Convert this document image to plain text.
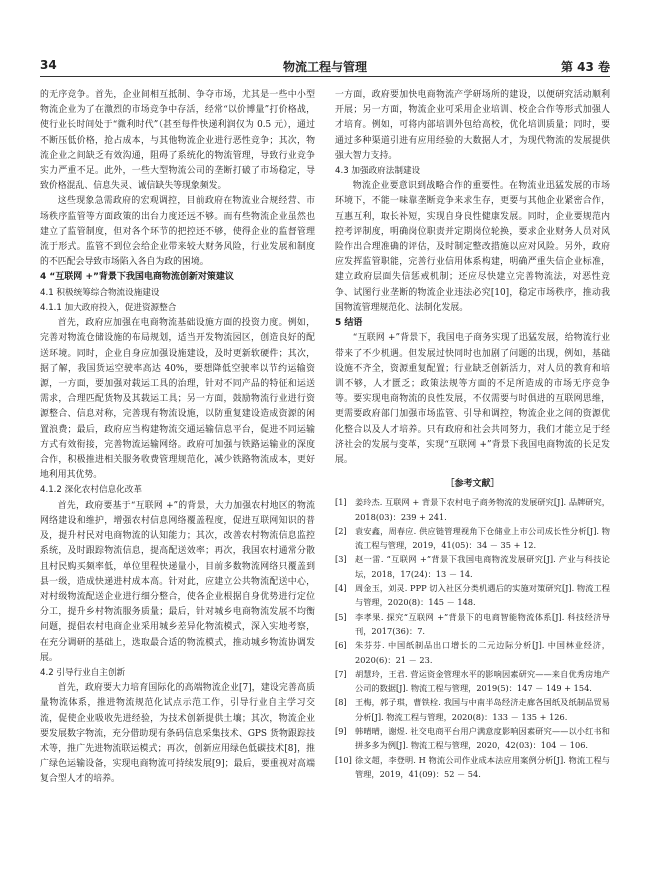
34	物流工程与管理	第 43 卷

的无序竞争。首先，企业间相互抵制、争夺市场，尤其是一些中小型物流企业为了在激烈的市场竞争中存活，经常“以价博量”打价格战，使行业长时间处于“微利时代”（甚至每件快递利润仅为 0.5 元），通过不断压低价格，抢占成本，与其他物流企业进行恶性竞争；其次，物流企业之间缺乏有效沟通，阻碍了系统化的物流管理，导致行业竞争实力严重不足。此外，一些大型物流公司的垄断打破了市场稳定，导致价格混乱、信息失灵、诚信缺失等现象频发。

这些现象急需政府的宏观调控，目前政府在物流业合规经营、市场秩序监管等方面政策的出台力度还远不够。而有些物流企业虽然也建立了监管制度，但对各个环节的把控还不够，使得企业的监督管理流于形式。监管不到位会给企业带来较大财务风险，行业发展和制度的不匹配会导致市场陷入各自为政的困境。

4 “互联网 +”背景下我国电商物流创新对策建议
4.1 积极统筹综合物流设施建设
4.1.1 加大政府投入，促进资源整合

首先，政府应加强在电商物流基础设施方面的投资力度。例如，完善对物流仓储设施的布局规划，适当开发物流园区，创造良好的配送环境。同时，企业自身应加强设施建设，及时更新软硬件；其次，据了解，我国货运空驶率高达 40%，要想降低空驶率以节约运输资源，一方面，要加强对载运工具的治理，针对不同产品的特征和运送需求，合理匹配货物及其载运工具；另一方面，鼓励物流行业进行资源整合、信息对称，完善现有物流设施，以防重复建设造成资源的闲置浪费；最后，政府应当构建物流交通运输信息平台，促进不同运输方式有效衔接，完善物流运输网络。政府可加强与铁路运输业的深度合作，积极推进相关服务收费管理规范化，减少铁路物流成本，更好地利用其优势。

4.1.2 深化农村信息化改革

首先，政府要基于“互联网 +”的背景，大力加强农村地区的物流网络建设和维护，增强农村信息网络覆盖程度，促进互联网知识的普及，提升村民对电商物流的认知能力；其次，改善农村物流信息监控系统，及时跟踪物流信息，提高配送效率；再次，我国农村通常分散且村民购买频率低，单位里程快递量小，目前多数物流网络只覆盖到县一级，造成快递进村成本高。针对此，应建立公共物流配送中心，对村级物流配送企业进行细分整合，使各企业根据自身优势进行定位分工，提升乡村物流服务质量；最后，针对城乡电商物流发展不均衡问题，提倡农村电商企业采用城乡差异化物流模式，深入实地考察，在充分调研的基础上，选取最合适的物流模式，推动城乡物流协调发展。

4.2 引导行业自主创新

首先，政府要大力培育国际化的高端物流企业[7]，建设完善高质量物流体系，推进物流规范化试点示范工作，引导行业自主学习交流，促使企业吸收先进经验，为技术创新提供土壤；其次，物流企业要发展数字物流，充分借助现有条码信息采集技术、GPS 货物跟踪技术等，推广先进物流联运模式；再次，创新应用绿色低碳技术[8]，推广绿色运输设备，实现电商物流可持续发展[9]；最后，要重视对高端复合型人才的培养。

一方面，政府要加快电商物流产学研场所的建设，以便研究活动顺利开展；另一方面，物流企业可采用企业培训、校企合作等形式加强人才培育。例如，可将内部培训外包给高校，优化培训质量；同时，要通过多种渠道引进有应用经验的大数据人才，为现代物流的发展提供强大智力支持。

4.3 加强政府法制建设

物流企业要意识到战略合作的重要性。在物流业迅猛发展的市场环境下，不能一味靠垄断竞争来求生存，更要与其他企业紧密合作，互惠互利，取长补短，实现自身良性健康发展。同时，企业要规范内控考评制度，明确岗位职责并定期岗位轮换，要求企业财务人员对风险作出合理准确的评估，及时制定整改措施以应对风险。另外，政府应发挥监管职能，完善行业信用体系构建，明确严重失信企业标准，建立政府层面失信惩戒机制；还应尽快建立完善物流法，对恶性竞争、试图行业垄断的物流企业违法必究[10]，稳定市场秩序，推动我国物流管理规范化、法制化发展。

5 结语

“互联网 +”背景下，我国电子商务实现了迅猛发展，给物流行业带来了不少机遇。但发展过快同时也加剧了问题的出现，例如，基础设施不齐全，资源重复配置；行业缺乏创新活力，对人员的教育和培训不够，人才匮乏；政策法规等方面的不足所造成的市场无序竞争等。要实现电商物流的良性发展，不仅需要与时俱进的互联网思维，更需要政府部门加强市场监管、引导和调控，物流企业之间的资源优化整合以及人才培养。只有政府和社会共同努力，我们才能立足于经济社会的发展与变革，实现“互联网 +”背景下我国电商物流的长足发展。

［参考文献］
[1] 姜玲杰. 互联网 + 背景下农村电子商务物流的发展研究[J]. 品牌研究，2018(03)：239 + 241.
[2] 袁安鑫，周春应. 供应链管理视角下仓储业上市公司成长性分析[J]. 物流工程与管理，2019，41(05)：34 － 35 + 12.
[3] 赵一雷. “互联网 +”背景下我国电商物流发展研究[J]. 产业与科技论坛，2018，17(24)：13 － 14.
[4] 周金玉，刘灵. PPP 切入社区分类机遇后的实施对策研究[J]. 物流工程与管理，2020(8)：145 － 148.
[5] 李孝果. 探究“互联网 +”背景下的电商智能物流体系[J]. 科技经济导刊，2017(36)：7.
[6] 朱芬芬. 中国纸制品出口增长的二元边际分析[J]. 中国林业经济，2020(6)：21 － 23.
[7] 胡慧玲，王君. 营运资金管理水平的影响因素研究——来自优秀房地产公司的数据[J]. 物流工程与管理，2019(5)：147 － 149 + 154.
[8] 王梅，郭子琪，曹铁栓. 我国与中南半岛经济走廊各国纸及纸制品贸易分析[J]. 物流工程与管理，2020(8)：133 － 135 + 126.
[9] 韩晴晴，谢煜. 社交电商平台用户满意度影响因素研究——以小红书和拼多多为例[J]. 物流工程与管理，2020，42(03)：104 － 106.
[10] 徐文超，李登明. H 物流公司作业成本法应用案例分析[J]. 物流工程与管理，2019，41(09)：52 － 54.
